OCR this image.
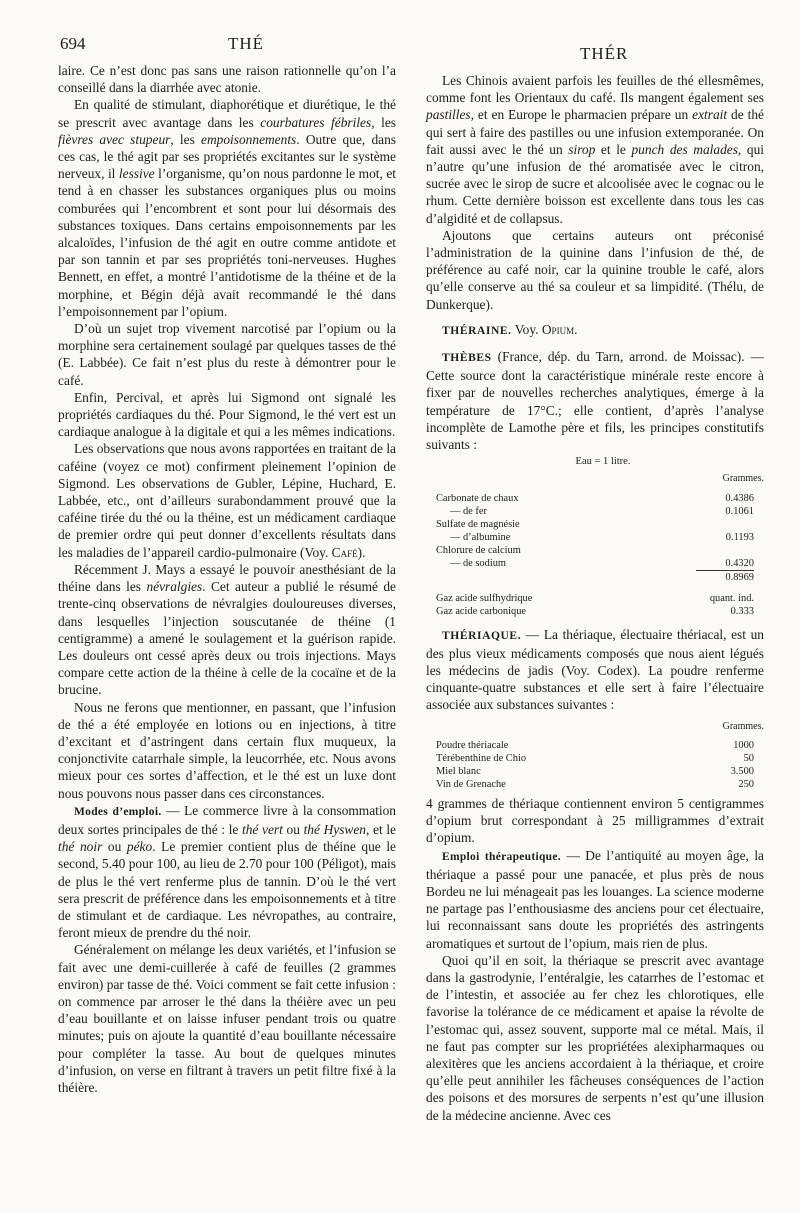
694	THÉ
THÉR

laire. Ce n’est donc pas sans une raison rationnelle qu’on l’a conseillé dans la diarrhée avec atonie.

En qualité de stimulant, diaphorétique et diurétique, le thé se prescrit avec avantage dans les courbatures fébriles, les fièvres avec stupeur, les empoisonnements. Outre que, dans ces cas, le thé agit par ses propriétés excitantes sur le système nerveux, il lessive l’organisme, qu’on nous pardonne le mot, et tend à en chasser les substances organiques plus ou moins comburées qui l’encombrent et sont pour lui désormais des substances toxiques. Dans certains empoisonnements par les alcaloïdes, l’infusion de thé agit en outre comme antidote et par son tannin et par ses propriétés toni-nerveuses. Hughes Bennett, en effet, a montré l’antidotisme de la théine et de la morphine, et Bégin déjà avait recommandé le thé dans l’empoisonnement par l’opium.

D’où un sujet trop vivement narcotisé par l’opium ou la morphine sera certainement soulagé par quelques tasses de thé (E. Labbée). Ce fait n’est plus du reste à démontrer pour le café.

Enfin, Percival, et après lui Sigmond ont signalé les propriétés cardiaques du thé. Pour Sigmond, le thé vert est un cardiaque analogue à la digitale et qui a les mêmes indications.

Les observations que nous avons rapportées en traitant de la caféine (voyez ce mot) confirment pleinement l’opinion de Sigmond. Les observations de Gubler, Lépine, Huchard, E. Labbée, etc., ont d’ailleurs surabondamment prouvé que la caféine tirée du thé ou la théine, est un médicament cardiaque de premier ordre qui peut donner d’excellents résultats dans les maladies de l’appareil cardio-pulmonaire (Voy. Café).

Récemment J. Mays a essayé le pouvoir anesthésiant de la théine dans les névralgies. Cet auteur a publié le résumé de trente-cinq observations de névralgies douloureuses diverses, dans lesquelles l’injection souscutanée de théine (1 centigramme) a amené le soulagement et la guérison rapide. Les douleurs ont cessé après deux ou trois injections. Mays compare cette action de la théine à celle de la cocaïne et de la brucine.

Nous ne ferons que mentionner, en passant, que l’infusion de thé a été employée en lotions ou en injections, à titre d’excitant et d’astringent dans certain flux muqueux, la conjonctivite catarrhale simple, la leucorrhée, etc. Nous avons mieux pour ces sortes d’affection, et le thé est un luxe dont nous pouvons nous passer dans ces circonstances.

Modes d’emploi. — Le commerce livre à la consommation deux sortes principales de thé : le thé vert ou thé Hyswen, et le thé noir ou péko. Le premier contient plus de théine que le second, 5.40 pour 100, au lieu de 2.70 pour 100 (Péligot), mais de plus le thé vert renferme plus de tannin. D’où le thé vert sera prescrit de préférence dans les empoisonnements et à titre de stimulant et de cardiaque. Les névropathes, au contraire, feront mieux de prendre du thé noir.

Généralement on mélange les deux variétés, et l’infusion se fait avec une demi-cuillerée à café de feuilles (2 grammes environ) par tasse de thé. Voici comment se fait cette infusion : on commence par arroser le thé dans la théière avec un peu d’eau bouillante et on laisse infuser pendant trois ou quatre minutes; puis on ajoute la quantité d’eau bouillante nécessaire pour compléter la tasse. Au bout de quelques minutes d’infusion, on verse en filtrant à travers un petit filtre fixé à la théière.

Les Chinois avaient parfois les feuilles de thé ellesmêmes, comme font les Orientaux du café. Ils mangent également ses pastilles, et en Europe le pharmacien prépare un extrait de thé qui sert à faire des pastilles ou une infusion extemporanée. On fait aussi avec le thé un sirop et le punch des malades, qui n’autre qu’une infusion de thé aromatisée avec le citron, sucrée avec le sirop de sucre et alcoolisée avec le cognac ou le rhum. Cette dernière boisson est excellente dans tous les cas d’algidité et de collapsus.

Ajoutons que certains auteurs ont préconisé l’administration de la quinine dans l’infusion de thé, de préférence au café noir, car la quinine trouble le café, alors qu’elle conserve au thé sa couleur et sa limpidité. (Thélu, de Dunkerque).

THÉRAINE. Voy. Opium.

THÈBES (France, dép. du Tarn, arrond. de Moissac). — Cette source dont la caractéristique minérale reste encore à fixer par de nouvelles recherches analytiques, émerge à la température de 17°C.; elle contient, d’après l’analyse incomplète de Lamothe père et fils, les principes constitutifs suivants :

Eau = 1 litre.

Grammes.

Carbonate de chaux	0.4386
— de fer	0.1061
Sulfate de magnésie	
— d’albumine	0.1193
Chlorure de calcium	
— de sodium	0.4320
	0.8969

Gaz acide sulfhydrique	quant. ind.
Gaz acide carbonique	0.333

THÉRIAQUE. — La thériaque, électuaire thériacal, est un des plus vieux médicaments composés que nous aient légués les médecins de jadis (Voy. Codex). La poudre renferme cinquante-quatre substances et elle sert à faire l’électuaire associée aux substances suivantes :

Grammes.

Poudre thériacale	1000
Térébenthine de Chio	50
Miel blanc	3.500
Vin de Grenache	250

4 grammes de thériaque contiennent environ 5 centigrammes d’opium brut correspondant à 25 milligrammes d’extrait d’opium.

Emploi thérapeutique. — De l’antiquité au moyen âge, la thériaque a passé pour une panacée, et plus près de nous Bordeu ne lui ménageait pas les louanges. La science moderne ne partage pas l’enthousiasme des anciens pour cet électuaire, lui reconnaissant sans doute les propriétés des astringents aromatiques et surtout de l’opium, mais rien de plus.

Quoi qu’il en soit, la thériaque se prescrit avec avantage dans la gastrodynie, l’entéralgie, les catarrhes de l’estomac et de l’intestin, et associée au fer chez les chlorotiques, elle favorise la tolérance de ce médicament et apaise la révolte de l’estomac qui, assez souvent, supporte mal ce métal. Mais, il ne faut pas compter sur les propriétées alexipharmaques ou alexitères que les anciens accordaient à la thériaque, et croire qu’elle peut annihiler les fâcheuses conséquences de l’action des poisons et des morsures de serpents n’est qu’une illusion de la médecine ancienne. Avec ces
